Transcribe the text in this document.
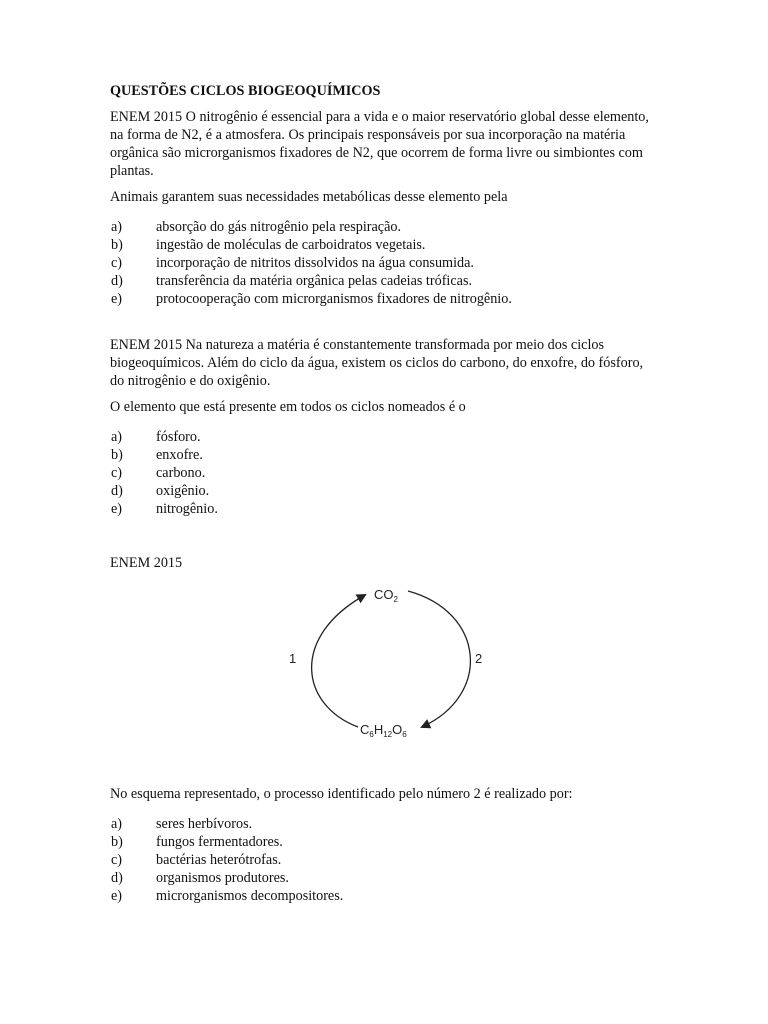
QUESTÕES CICLOS BIOGEOQUÍMICOS

ENEM 2015 O nitrogênio é essencial para a vida e o maior reservatório global desse elemento, na forma de N2, é a atmosfera. Os principais responsáveis por sua incorporação na matéria orgânica são microrganismos fixadores de N2, que ocorrem de forma livre ou simbiontes com plantas.

Animais garantem suas necessidades metabólicas desse elemento pela

a)	absorção do gás nitrogênio pela respiração.
b)	ingestão de moléculas de carboidratos vegetais.
c)	incorporação de nitritos dissolvidos na água consumida.
d)	transferência da matéria orgânica pelas cadeias tróficas.
e)	protocooperação com microrganismos fixadores de nitrogênio.

ENEM 2015 Na natureza a matéria é constantemente transformada por meio dos ciclos biogeoquímicos. Além do ciclo da água, existem os ciclos do carbono, do enxofre, do fósforo, do nitrogênio e do oxigênio.

O elemento que está presente em todos os ciclos nomeados é o

a)	fósforo.
b)	enxofre.
c)	carbono.
d)	oxigênio.
e)	nitrogênio.

ENEM 2015

$CO_2$
$C_6H_{12}O_6$
1	2

No esquema representado, o processo identificado pelo número 2 é realizado por:

a)	seres herbívoros.
b)	fungos fermentadores.
c)	bactérias heterótrofas.
d)	organismos produtores.
e)	microrganismos decompositores.
